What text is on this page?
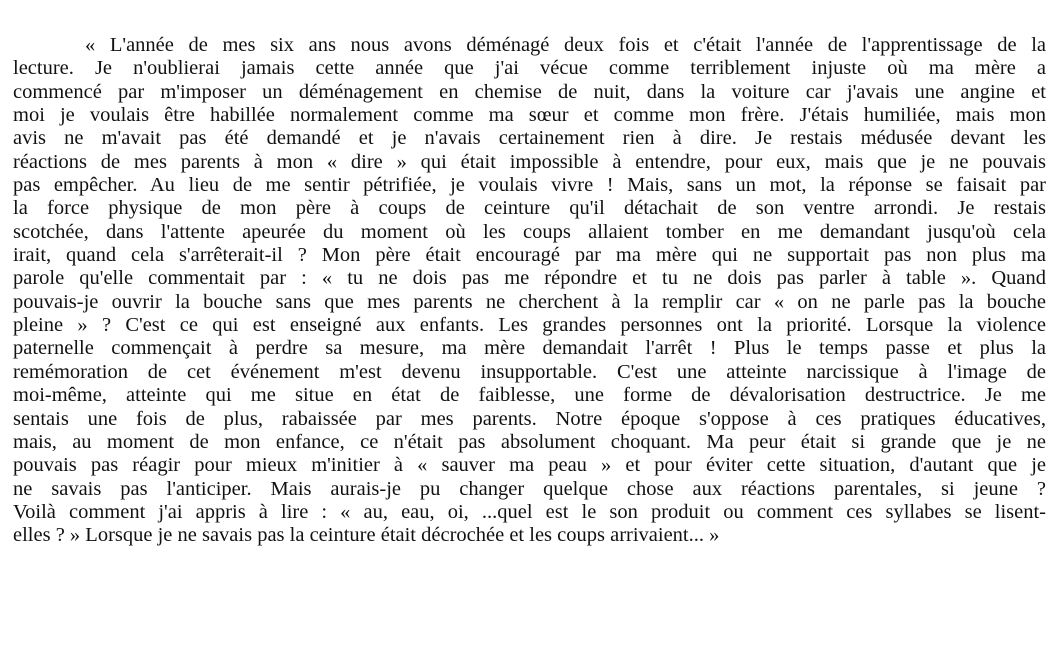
« L'année de mes six ans nous avons déménagé deux fois et c'était l'année de l'apprentissage de la
lecture. Je n'oublierai jamais cette année que j'ai vécue comme terriblement injuste où ma mère a
commencé par m'imposer un déménagement en chemise de nuit, dans la voiture car j'avais une angine et
moi je voulais être habillée normalement comme ma sœur et comme mon frère. J'étais humiliée, mais mon
avis ne m'avait pas été demandé et je n'avais certainement rien à dire. Je restais médusée devant les
réactions de mes parents à mon « dire » qui était impossible à entendre, pour eux, mais que je ne pouvais
pas empêcher. Au lieu de me sentir pétrifiée, je voulais vivre ! Mais, sans un mot, la réponse se faisait par
la force physique de mon père à coups de ceinture qu'il détachait de son ventre arrondi. Je restais
scotchée, dans l'attente apeurée du moment où les coups allaient tomber en me demandant jusqu'où cela
irait, quand cela s'arrêterait-il ? Mon père était encouragé par ma mère qui ne supportait pas non plus ma
parole qu'elle commentait par : « tu ne dois pas me répondre et tu ne dois pas parler à table ». Quand
pouvais-je ouvrir la bouche sans que mes parents ne cherchent à la remplir car « on ne parle pas la bouche
pleine » ? C'est ce qui est enseigné aux enfants. Les grandes personnes ont la priorité. Lorsque la violence
paternelle commençait à perdre sa mesure, ma mère demandait l'arrêt ! Plus le temps passe et plus la
remémoration de cet événement m'est devenu insupportable. C'est une atteinte narcissique à l'image de
moi-même, atteinte qui me situe en état de faiblesse, une forme de dévalorisation destructrice. Je me
sentais une fois de plus, rabaissée par mes parents. Notre époque s'oppose à ces pratiques éducatives,
mais, au moment de mon enfance, ce n'était pas absolument choquant. Ma peur était si grande que je ne
pouvais pas réagir pour mieux m'initier à « sauver ma peau » et pour éviter cette situation, d'autant que je
ne savais pas l'anticiper. Mais aurais-je pu changer quelque chose aux réactions parentales, si jeune ?
Voilà comment j'ai appris à lire : « au, eau, oi, ...quel est le son produit ou comment ces syllabes se lisent-
elles ? » Lorsque je ne savais pas la ceinture était décrochée et les coups arrivaient... »
